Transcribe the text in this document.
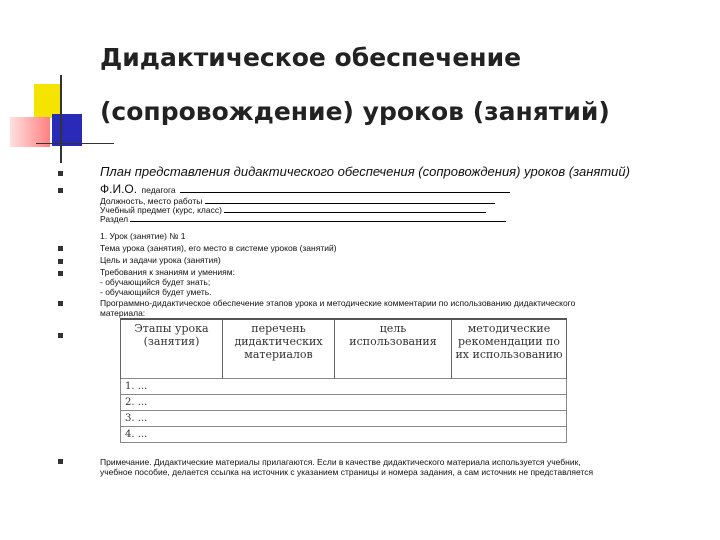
Дидактическое обеспечение
(сопровождение) уроков (занятий)
План представления дидактического обеспечения (сопровождения) уроков (занятий)
Ф.И.О. педагога
Должность, место работы
Учебный предмет (курс, класс)
Раздел
1. Урок (занятие) № 1
Тема урока (занятия), его место в системе уроков (занятий)
Цель и задачи урока (занятия)
Требования к знаниям и умениям:
- обучающийся будет знать;
- обучающийся будет уметь.
Программно-дидактическое обеспечение этапов урока и методические комментарии по использованию дидактического
материала:
Этапы урока (занятия)	перечень дидактических материалов	цель использования	методические рекомендации по их использованию
1. ...
2. ...
3. ...
4. ...
Примечание. Дидактические материалы прилагаются. Если в качестве дидактического материала используется учебник,
учебное пособие, делается ссылка на источник с указанием страницы и номера задания, а сам источник не представляется
